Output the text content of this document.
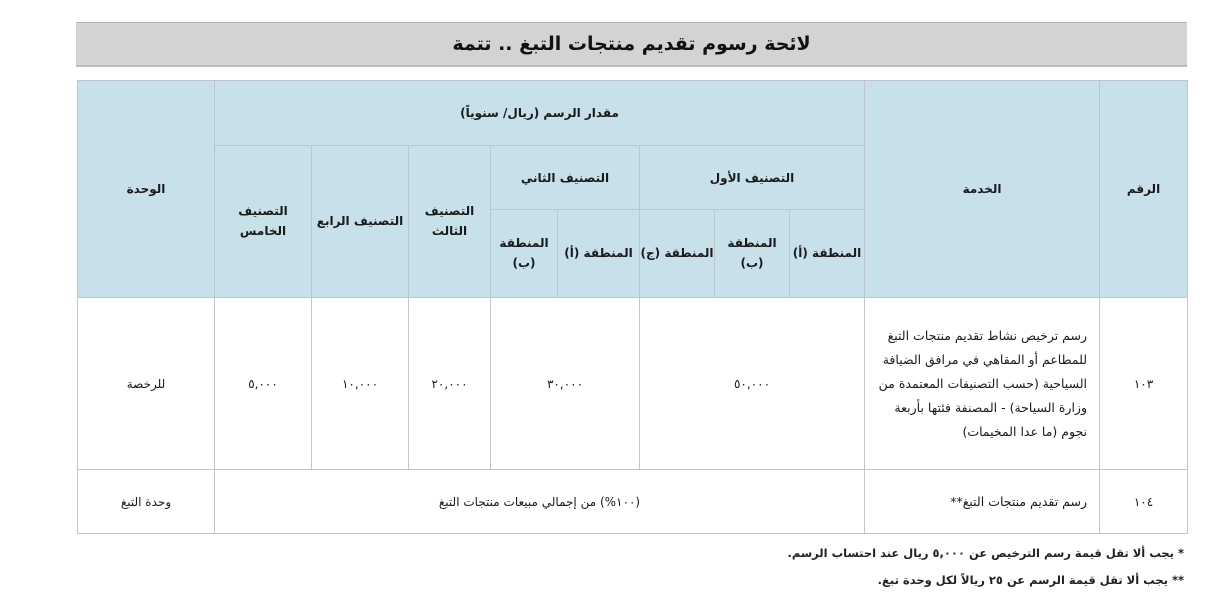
لائحة رسوم تقديم منتجات التبغ .. تتمة
الرقم	الخدمة	مقدار الرسم (ريال/ سنوياً)								الوحدة
		التصنيف الأول			التصنيف الثاني		التصنيف الثالث	التصنيف الرابع	التصنيف الخامس	
		المنطقة (أ)	المنطقة (ب)	المنطقة (ج)	المنطقة (أ)	المنطقة (ب)				
١٠٣	رسم ترخيص نشاط تقديم منتجات التبغ للمطاعم أو المقاهي في مرافق الضيافة السياحية (حسب التصنيفات المعتمدة من وزارة السياحة) - المصنفة فئتها بأربعة نجوم (ما عدا المخيمات)	٥٠,٠٠٠			٣٠,٠٠٠		٢٠,٠٠٠	١٠,٠٠٠	٥,٠٠٠	للرخصة
١٠٤	رسم تقديم منتجات التبغ**	(١٠٠%) من إجمالي مبيعات منتجات التبغ								وحدة التبغ
* يجب ألا تقل قيمة رسم الترخيص عن ٥,٠٠٠ ريال عند احتساب الرسم.
** يجب ألا تقل قيمة الرسم عن ٢٥ ريالاً لكل وحدة تبغ.
